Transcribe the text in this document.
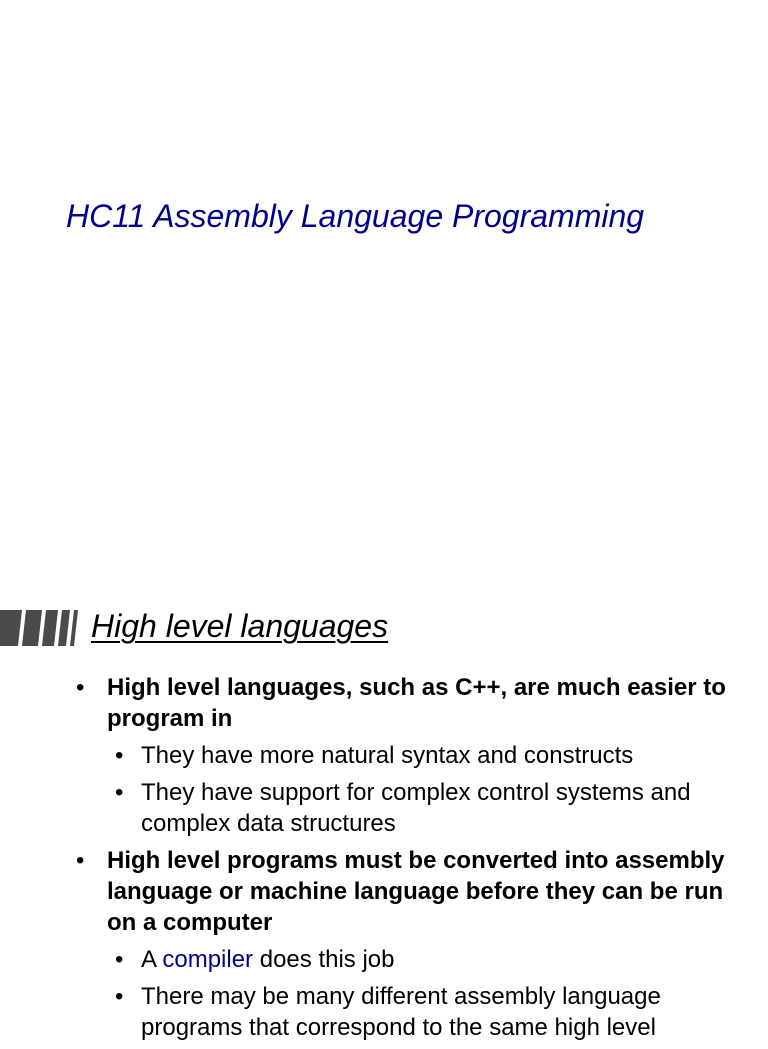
HC11 Assembly Language Programming
High level languages
• High level languages, such as C++, are much easier to program in
• They have more natural syntax and constructs
• They have support for complex control systems and complex data structures
• High level programs must be converted into assembly language or machine language before they can be run on a computer
• A compiler does this job
• There may be many different assembly language programs that correspond to the same high level
